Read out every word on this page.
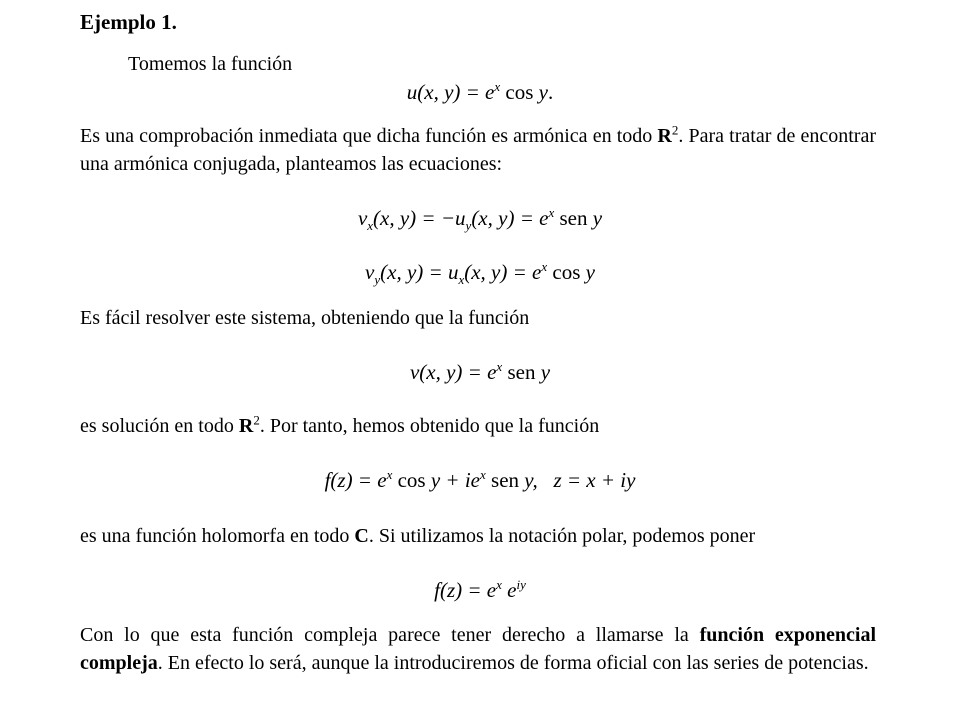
Ejemplo 1.
Tomemos la función
u(x, $y) = e^x$ cos y.
Es una comprobación inmediata que dicha función es armónica en todo $R^2$. Para tratar de encontrar una armónica conjugada, planteamos las ecuaciones:
$v_x(x$, $y) = -u_y(x$, $y) = e^x$ sen y
$v_y(x$, $y) = u_x(x$, $y) = e^x$ cos y
Es fácil resolver este sistema, obteniendo que la función
v(x, $y) = e^x$ sen y
es solución en todo $R^2$. Por tanto, hemos obtenido que la función
$f(z) = e^x$ $\cos y + ie^x$ sen y,   z = x + iy
es una función holomorfa en todo C. Si utilizamos la notación polar, podemos poner
$f(z) = e^x$ $e^{iy}$
Con lo que esta función compleja parece tener derecho a llamarse la función exponencial compleja. En efecto lo será, aunque la introduciremos de forma oficial con las series de potencias.
